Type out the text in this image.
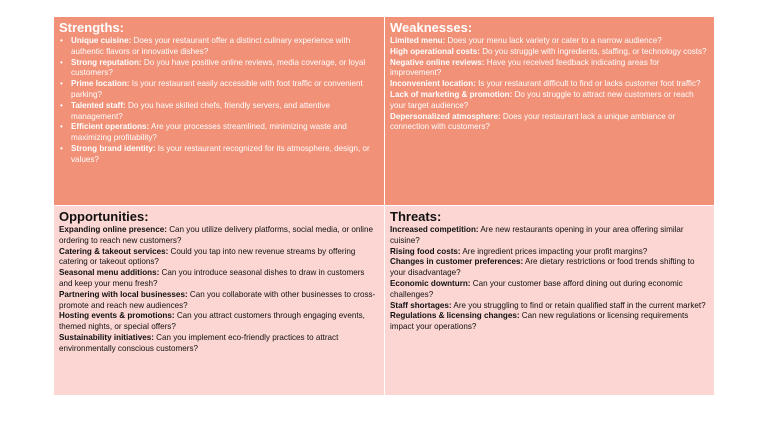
Strengths:
• Unique cuisine: Does your restaurant offer a distinct culinary experience with authentic flavors or innovative dishes?
• Strong reputation: Do you have positive online reviews, media coverage, or loyal customers?
• Prime location: Is your restaurant easily accessible with foot traffic or convenient parking?
• Talented staff: Do you have skilled chefs, friendly servers, and attentive management?
• Efficient operations: Are your processes streamlined, minimizing waste and maximizing profitability?
• Strong brand identity: Is your restaurant recognized for its atmosphere, design, or values?
Weaknesses:
Limited menu: Does your menu lack variety or cater to a narrow audience?
High operational costs: Do you struggle with ingredients, staffing, or technology costs?
Negative online reviews: Have you received feedback indicating areas for improvement?
Inconvenient location: Is your restaurant difficult to find or lacks customer foot traffic?
Lack of marketing & promotion: Do you struggle to attract new customers or reach your target audience?
Depersonalized atmosphere: Does your restaurant lack a unique ambiance or connection with customers?
Opportunities:
Expanding online presence: Can you utilize delivery platforms, social media, or online ordering to reach new customers?
Catering & takeout services: Could you tap into new revenue streams by offering catering or takeout options?
Seasonal menu additions: Can you introduce seasonal dishes to draw in customers and keep your menu fresh?
Partnering with local businesses: Can you collaborate with other businesses to cross-promote and reach new audiences?
Hosting events & promotions: Can you attract customers through engaging events, themed nights, or special offers?
Sustainability initiatives: Can you implement eco-friendly practices to attract environmentally conscious customers?
Threats:
Increased competition: Are new restaurants opening in your area offering similar cuisine?
Rising food costs: Are ingredient prices impacting your profit margins?
Changes in customer preferences: Are dietary restrictions or food trends shifting to your disadvantage?
Economic downturn: Can your customer base afford dining out during economic challenges?
Staff shortages: Are you struggling to find or retain qualified staff in the current market?
Regulations & licensing changes: Can new regulations or licensing requirements impact your operations?
